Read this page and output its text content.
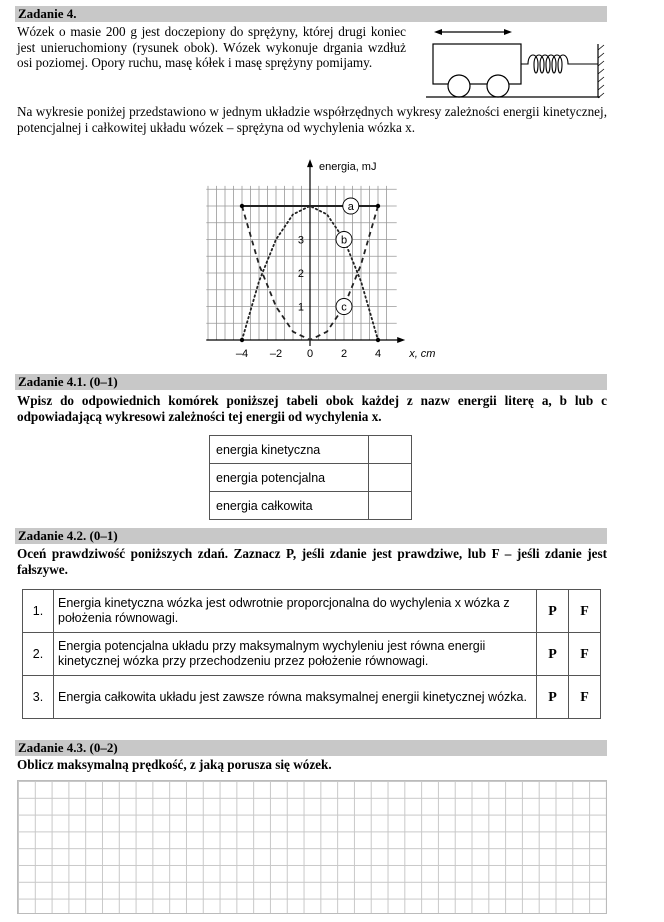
Zadanie 4.
Wózek o masie 200 g jest doczepiony do sprężyny, której drugi koniec jest unieruchomiony (rysunek obok). Wózek wykonuje drgania wzdłuż osi poziomej. Opory ruchu, masę kółek i masę sprężyny pomijamy.
Na wykresie poniżej przedstawiono w jednym układzie współrzędnych wykresy zależności energii kinetycznej, potencjalnej i całkowitej układu wózek – sprężyna od wychylenia wózka x.
–4 –2 0	2	4
1
2
3
energia, mJ
x, cm
a
b
c
Zadanie 4.1. (0–1)
Wpisz do odpowiednich komórek poniższej tabeli obok każdej z nazw energii literę a, b lub c odpowiadającą wykresowi zależności tej energii od wychylenia x.
energia kinetyczna	
energia potencjalna	
energia całkowita	
Zadanie 4.2. (0–1)
Oceń prawdziwość poniższych zdań. Zaznacz P, jeśli zdanie jest prawdziwe, lub F – jeśli zdanie jest fałszywe.
1.	Energia kinetyczna wózka jest odwrotnie proporcjonalna do wychylenia x wózka z położenia równowagi.	P	F
2.	Energia potencjalna układu przy maksymalnym wychyleniu jest równa energii kinetycznej wózka przy przechodzeniu przez położenie równowagi.	P	F
3.	Energia całkowita układu jest zawsze równa maksymalnej energii kinetycznej wózka.	P	F
Zadanie 4.3. (0–2)
Oblicz maksymalną prędkość, z jaką porusza się wózek.
